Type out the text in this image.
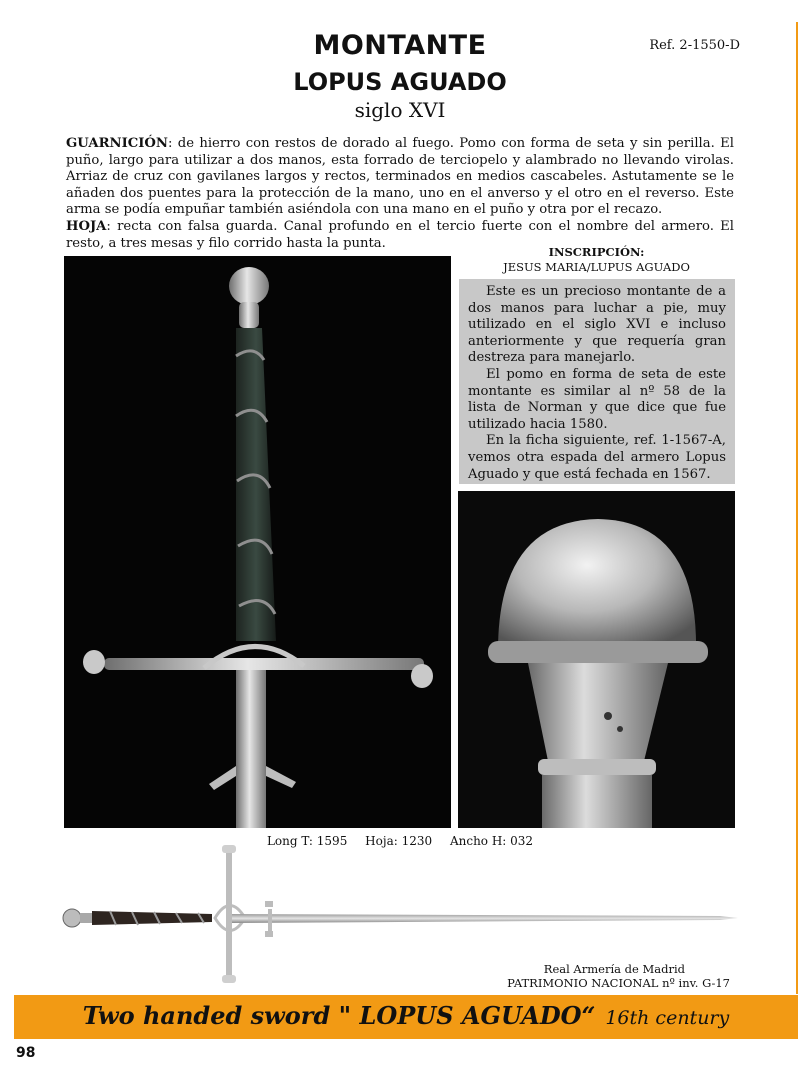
MONTANTE
LOPUS AGUADO
siglo XVI
Ref. 2-1550-D
GUARNICIÓN: de hierro con restos de dorado al fuego. Pomo con forma de seta y sin perilla. El puño, largo para utilizar a dos manos, esta forrado de terciopelo y alambrado no llevando virolas. Arriaz de cruz con gavilanes largos y rectos, terminados en medios cascabeles. Astutamente se le añaden dos puentes para la protección de la mano, uno en el anverso y el otro en el reverso. Este arma se podía empuñar también asiéndola con una mano en el puño y otra por el recazo.
HOJA: recta con falsa guarda. Canal profundo en el tercio fuerte con el nombre del armero. El resto, a tres mesas y filo corrido hasta la punta.
INSCRIPCIÓN:
JESUS MARIA/LUPUS AGUADO

Este es un precioso montante de a dos manos para luchar a pie, muy utilizado en el siglo XVI e incluso anteriormente y que requería gran destreza para manejarlo.

El pomo en forma de seta de este montante es similar al nº 58 de la lista de Norman y que dice que fue utilizado hacia 1580.

En la ficha siguiente, ref. 1-1567-A, vemos otra espada del armero Lopus Aguado y que está fechada en 1567.

Long T: 1595 Hoja: 1230 Ancho H: 032
Real Armería de Madrid
PATRIMONIO NACIONAL nº inv. G-17
Two handed sword " LOPUS AGUADO“ 16th century
98
